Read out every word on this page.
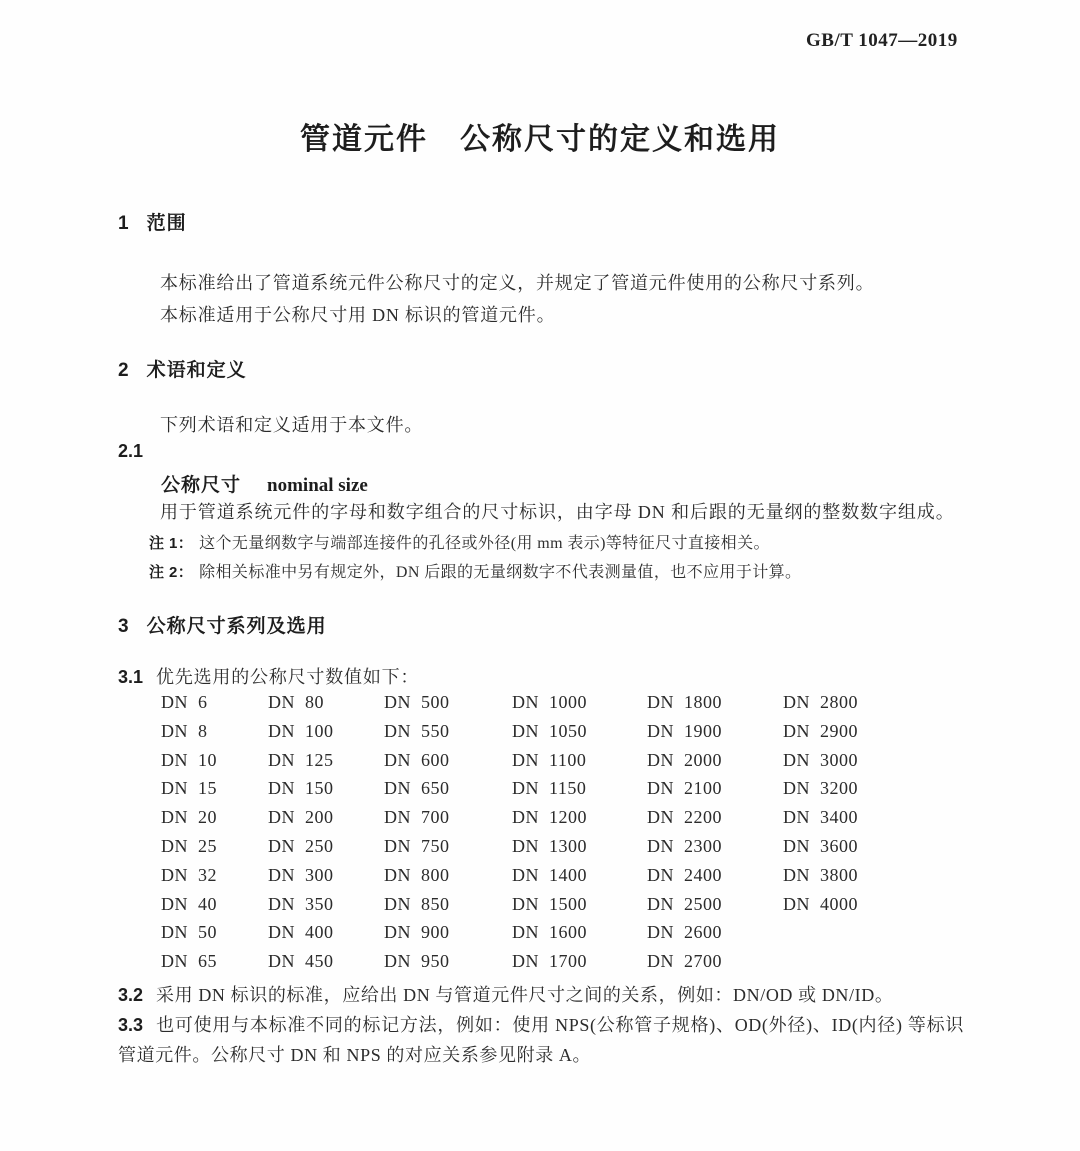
GB/T 1047—2019
管道元件　公称尺寸的定义和选用
1 范围
本标准给出了管道系统元件公称尺寸的定义，并规定了管道元件使用的公称尺寸系列。
本标准适用于公称尺寸用 DN 标识的管道元件。
2 术语和定义
下列术语和定义适用于本文件。
2.1
公称尺寸 nominal size
用于管道系统元件的字母和数字组合的尺寸标识，由字母 DN 和后跟的无量纲的整数数字组成。
注 1： 这个无量纲数字与端部连接件的孔径或外径(用 mm 表示)等特征尺寸直接相关。
注 2： 除相关标准中另有规定外，DN 后跟的无量纲数字不代表测量值，也不应用于计算。
3 公称尺寸系列及选用
3.1 优先选用的公称尺寸数值如下：
DN 6
DN 8
DN 10
DN 15
DN 20
DN 25
DN 32
DN 40
DN 50
DN 65
DN 80
DN 100
DN 125
DN 150
DN 200
DN 250
DN 300
DN 350
DN 400
DN 450
DN 500
DN 550
DN 600
DN 650
DN 700
DN 750
DN 800
DN 850
DN 900
DN 950
DN 1000
DN 1050
DN 1100
DN 1150
DN 1200
DN 1300
DN 1400
DN 1500
DN 1600
DN 1700
DN 1800
DN 1900
DN 2000
DN 2100
DN 2200
DN 2300
DN 2400
DN 2500
DN 2600
DN 2700
DN 2800
DN 2900
DN 3000
DN 3200
DN 3400
DN 3600
DN 3800
DN 4000
3.2 采用 DN 标识的标准，应给出 DN 与管道元件尺寸之间的关系，例如：DN/OD 或 DN/ID。
3.3 也可使用与本标准不同的标记方法，例如：使用 NPS(公称管子规格)、OD(外径)、ID(内径) 等标识管道元件。公称尺寸 DN 和 NPS 的对应关系参见附录 A。
